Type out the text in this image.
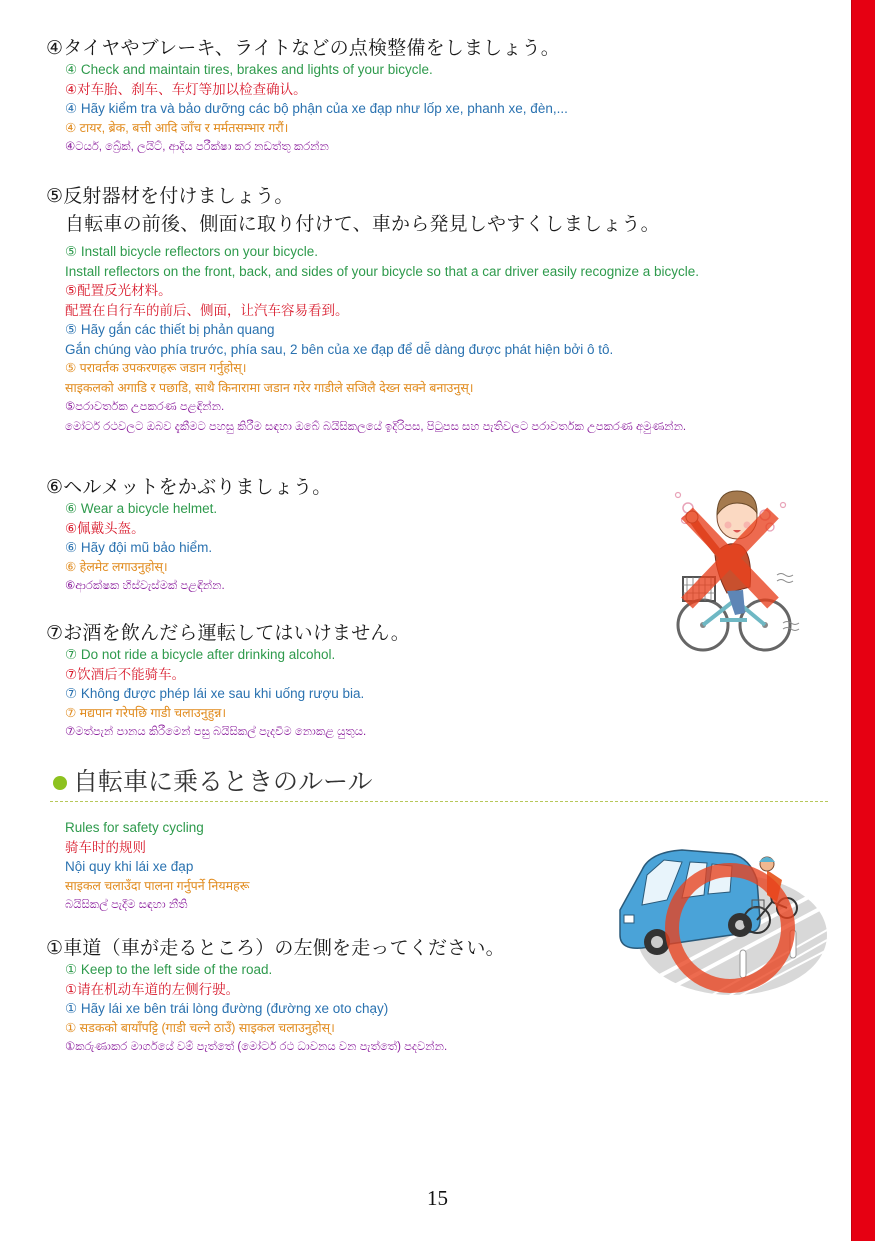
④タイヤやブレーキ、ライトなどの点検整備をしましょう。
④ Check and maintain tires, brakes and lights of your bicycle.
④对车胎、刹车、车灯等加以检查确认。
④ Hãy kiểm tra và bảo dưỡng các bộ phận của xe đạp như lốp xe, phanh xe, đèn,...
④ टायर, ब्रेक, बत्ती आदि जाँच र मर्मतसम्भार गरौं।
④ටයර්, බ්‍රේක්, ලයිට්, ආදිය පරීක්ෂා කර නඩත්තු කරන්න
⑤反射器材を付けましょう。
自転車の前後、側面に取り付けて、車から発見しやすくしましょう。
⑤ Install bicycle reflectors on your bicycle.
Install reflectors on the front, back, and sides of your bicycle so that a car driver easily recognize a bicycle.
⑤配置反光材料。
配置在自行车的前后、侧面，让汽车容易看到。
⑤ Hãy gắn các thiết bị phản quang
Gắn chúng vào phía trước, phía sau, 2 bên của xe đạp để dễ dàng được phát hiện bởi ô tô.
⑤ परावर्तक उपकरणहरू जडान गर्नुहोस्।
साइकलको अगाडि र पछाडि, साथै किनारामा जडान गरेर गाडीले सजिलै देख्न सक्ने बनाउनुस्।
⑤පරාවර්තක උපකරණ පළඳින්න.
මෝටර් රථවලට ඔබව දැකීමට පහසු කිරීම සඳහා ඔබේ බයිසිකලයේ ඉදිරිපස, පිටුපස සහ පැතිවලට පරාවර්තක උපකරණ අමුණන්න.
⑥ヘルメットをかぶりましょう。
⑥ Wear a bicycle helmet.
⑥佩戴头盔。
⑥ Hãy đội mũ bảo hiểm.
⑥ हेलमेट लगाउनुहोस्।
⑥ආරක්ෂක හිස්වැස්මක් පළඳින්න.
⑦お酒を飲んだら運転してはいけません。
⑦ Do not ride a bicycle after drinking alcohol.
⑦饮酒后不能骑车。
⑦ Không được phép lái xe sau khi uống rượu bia.
⑦ मद्यपान गरेपछि गाडी चलाउनुहुन्न।
⑦මත්පැන් පානය කිරීමෙන් පසු බයිසිකල් පැදවීම නොකළ යුතුය.
自転車に乗るときのルール
Rules for safety cycling
骑车时的规则
Nội quy khi lái xe đạp
साइकल चलाउँदा पालना गर्नुपर्ने नियमहरू
බයිසිකල් පැදීම සඳහා නීති
①車道（車が走るところ）の左側を走ってください。
① Keep to the left side of the road.
①请在机动车道的左侧行驶。
① Hãy lái xe bên trái lòng đường (đường xe oto chạy)
① सडकको बायाँपट्टि (गाडी चल्ने ठाउँ) साइकल चलाउनुहोस्।
①කරුණාකර මාර්ගයේ වම් පැත්තේ (මෝටර් රථ ධාවනය වන පැත්තේ) පදවන්න.
15
